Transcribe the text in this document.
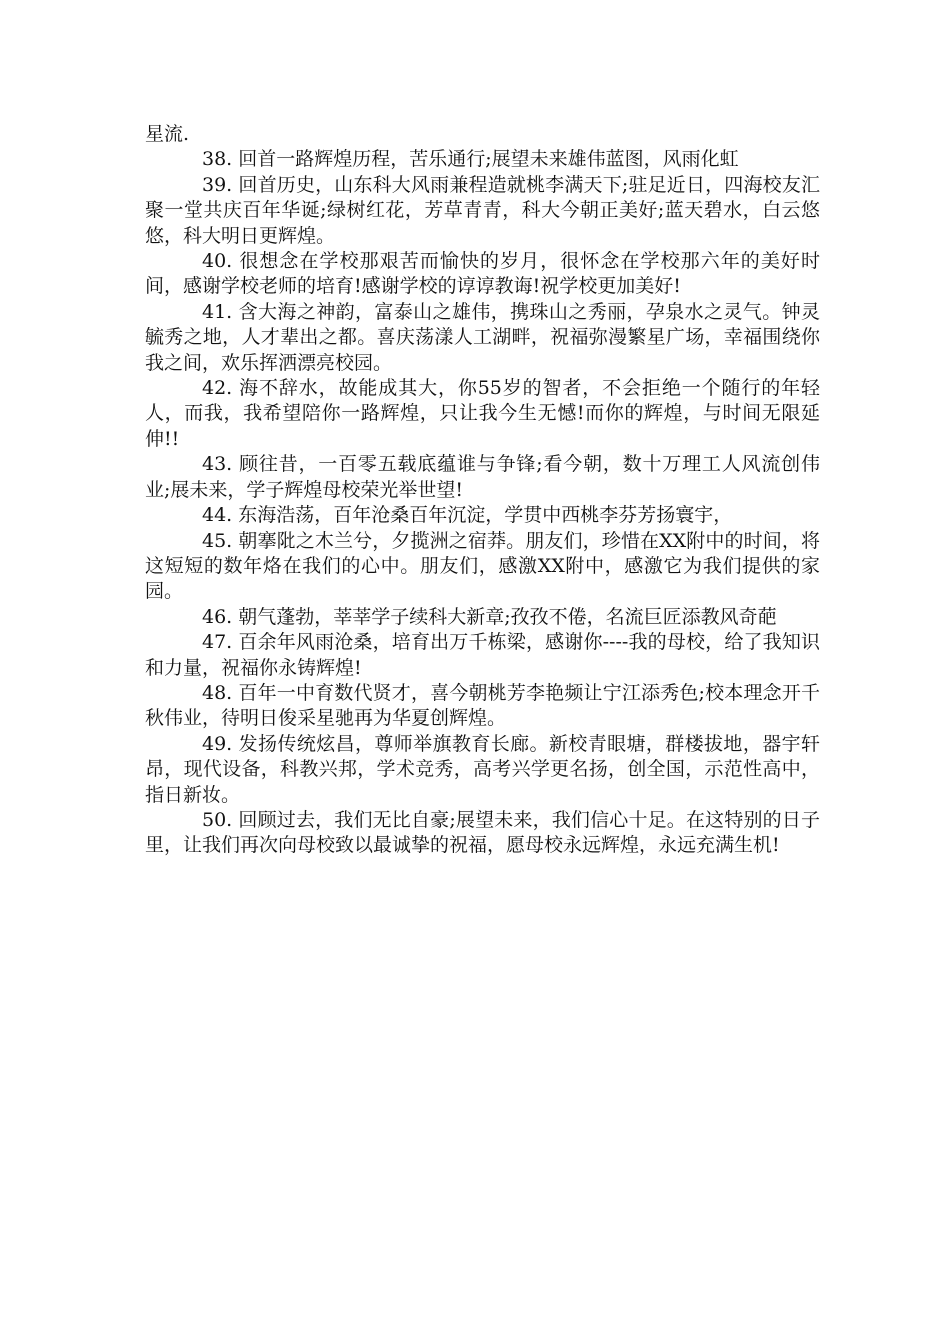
星流.

38. 回首一路辉煌历程，苦乐通行;展望未来雄伟蓝图，风雨化虹

39. 回首历史，山东科大风雨兼程造就桃李满天下;驻足近日，四海校友汇聚一堂共庆百年华诞;绿树红花，芳草青青，科大今朝正美好;蓝天碧水，白云悠悠，科大明日更辉煌。

40. 很想念在学校那艰苦而愉快的岁月，很怀念在学校那六年的美好时间，感谢学校老师的培育!感谢学校的谆谆教诲!祝学校更加美好!

41. 含大海之神韵，富泰山之雄伟，携珠山之秀丽，孕泉水之灵气。钟灵毓秀之地，人才辈出之都。喜庆荡漾人工湖畔，祝福弥漫繁星广场，幸福围绕你我之间，欢乐挥洒漂亮校园。

42. 海不辞水，故能成其大，你55岁的智者，不会拒绝一个随行的年轻人，而我，我希望陪你一路辉煌，只让我今生无憾!而你的辉煌，与时间无限延伸!!

43. 顾往昔，一百零五载底蕴谁与争锋;看今朝，数十万理工人风流创伟业;展未来，学子辉煌母校荣光举世望!

44. 东海浩荡，百年沧桑百年沉淀，学贯中西桃李芬芳扬寰宇，

45. 朝搴阰之木兰兮，夕揽洲之宿莽。朋友们，珍惜在XX附中的时间，将这短短的数年烙在我们的心中。朋友们，感激XX附中，感激它为我们提供的家园。

46. 朝气蓬勃，莘莘学子续科大新章;孜孜不倦，名流巨匠添教风奇葩

47. 百余年风雨沧桑，培育出万千栋梁，感谢你----我的母校，给了我知识和力量，祝福你永铸辉煌!

48. 百年一中育数代贤才，喜今朝桃芳李艳频让宁江添秀色;校本理念开千秋伟业，待明日俊采星驰再为华夏创辉煌。

49. 发扬传统炫昌，尊师举旗教育长廊。新校青眼塘，群楼拔地，器宇轩昂，现代设备，科教兴邦，学术竞秀，高考兴学更名扬，创全国，示范性高中，指日新妆。

50. 回顾过去，我们无比自豪;展望未来，我们信心十足。在这特别的日子里，让我们再次向母校致以最诚挚的祝福，愿母校永远辉煌，永远充满生机!
